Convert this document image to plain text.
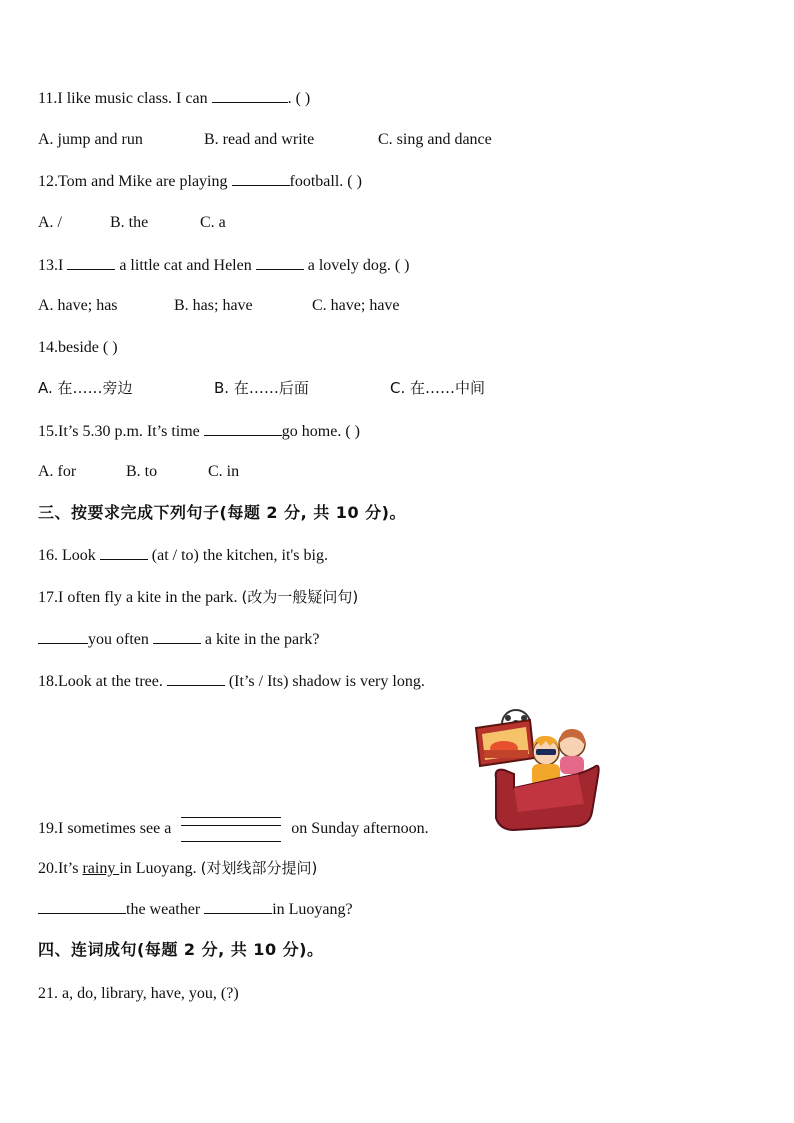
11.I like music class. I can	. ( )
A. jump and run	B. read and write	C. sing and dance
12.Tom and Mike are playing	football. ( )
A. /	B. the	C. a
13.I	a little cat and Helen	a lovely dog. ( )
A. have; has	B. has; have	C. have; have
14.beside ( )
A. 在……旁边	B. 在……后面	C. 在……中间
15.It’s 5.30 p.m. It’s time	go home. ( )
A. for	B. to	C. in
三、按要求完成下列句子(每题 2 分, 共 10 分)。
16. Look	(at / to) the kitchen, it's big.
17.I often fly a kite in the park. (改为一般疑问句)
you often	a kite in the park?
18.Look at the tree.	(It’s / Its) shadow is very long.
19.I sometimes see a	on Sunday afternoon.
20.It’s rainy in Luoyang. (对划线部分提问)
the weather	in Luoyang?
四、连词成句(每题 2 分, 共 10 分)。
21. a, do, library, have, you, (?)
